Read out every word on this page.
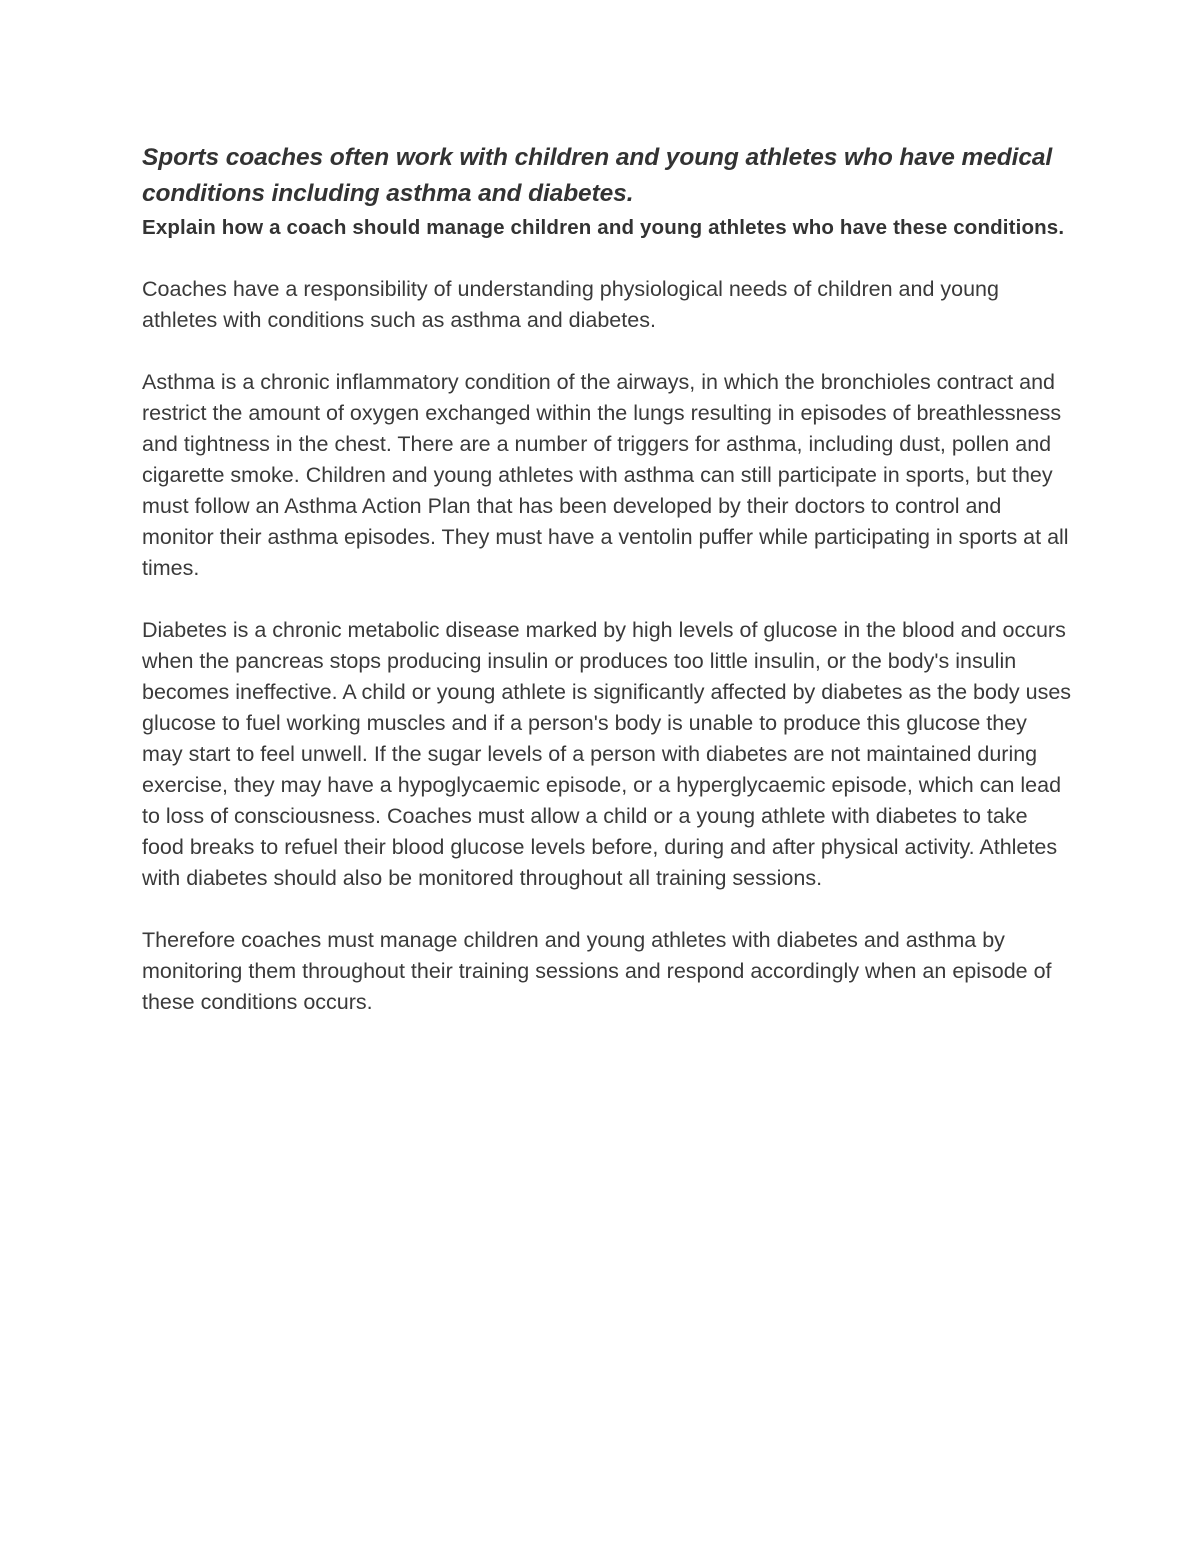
Sports coaches often work with children and young athletes who have medical conditions including asthma and diabetes.

Explain how a coach should manage children and young athletes who have these conditions.

Coaches have a responsibility of understanding physiological needs of children and young athletes with conditions such as asthma and diabetes.

Asthma is a chronic inflammatory condition of the airways, in which the bronchioles contract and restrict the amount of oxygen exchanged within the lungs resulting in episodes of breathlessness and tightness in the chest. There are a number of triggers for asthma, including dust, pollen and cigarette smoke. Children and young athletes with asthma can still participate in sports, but they must follow an Asthma Action Plan that has been developed by their doctors to control and monitor their asthma episodes. They must have a ventolin puffer while participating in sports at all times.

Diabetes is a chronic metabolic disease marked by high levels of glucose in the blood and occurs when the pancreas stops producing insulin or produces too little insulin, or the body's insulin becomes ineffective. A child or young athlete is significantly affected by diabetes as the body uses glucose to fuel working muscles and if a person's body is unable to produce this glucose they may start to feel unwell. If the sugar levels of a person with diabetes are not maintained during exercise, they may have a hypoglycaemic episode, or a hyperglycaemic episode, which can lead to loss of consciousness. Coaches must allow a child or a young athlete with diabetes to take food breaks to refuel their blood glucose levels before, during and after physical activity. Athletes with diabetes should also be monitored throughout all training sessions.

Therefore coaches must manage children and young athletes with diabetes and asthma by monitoring them throughout their training sessions and respond accordingly when an episode of these conditions occurs.
